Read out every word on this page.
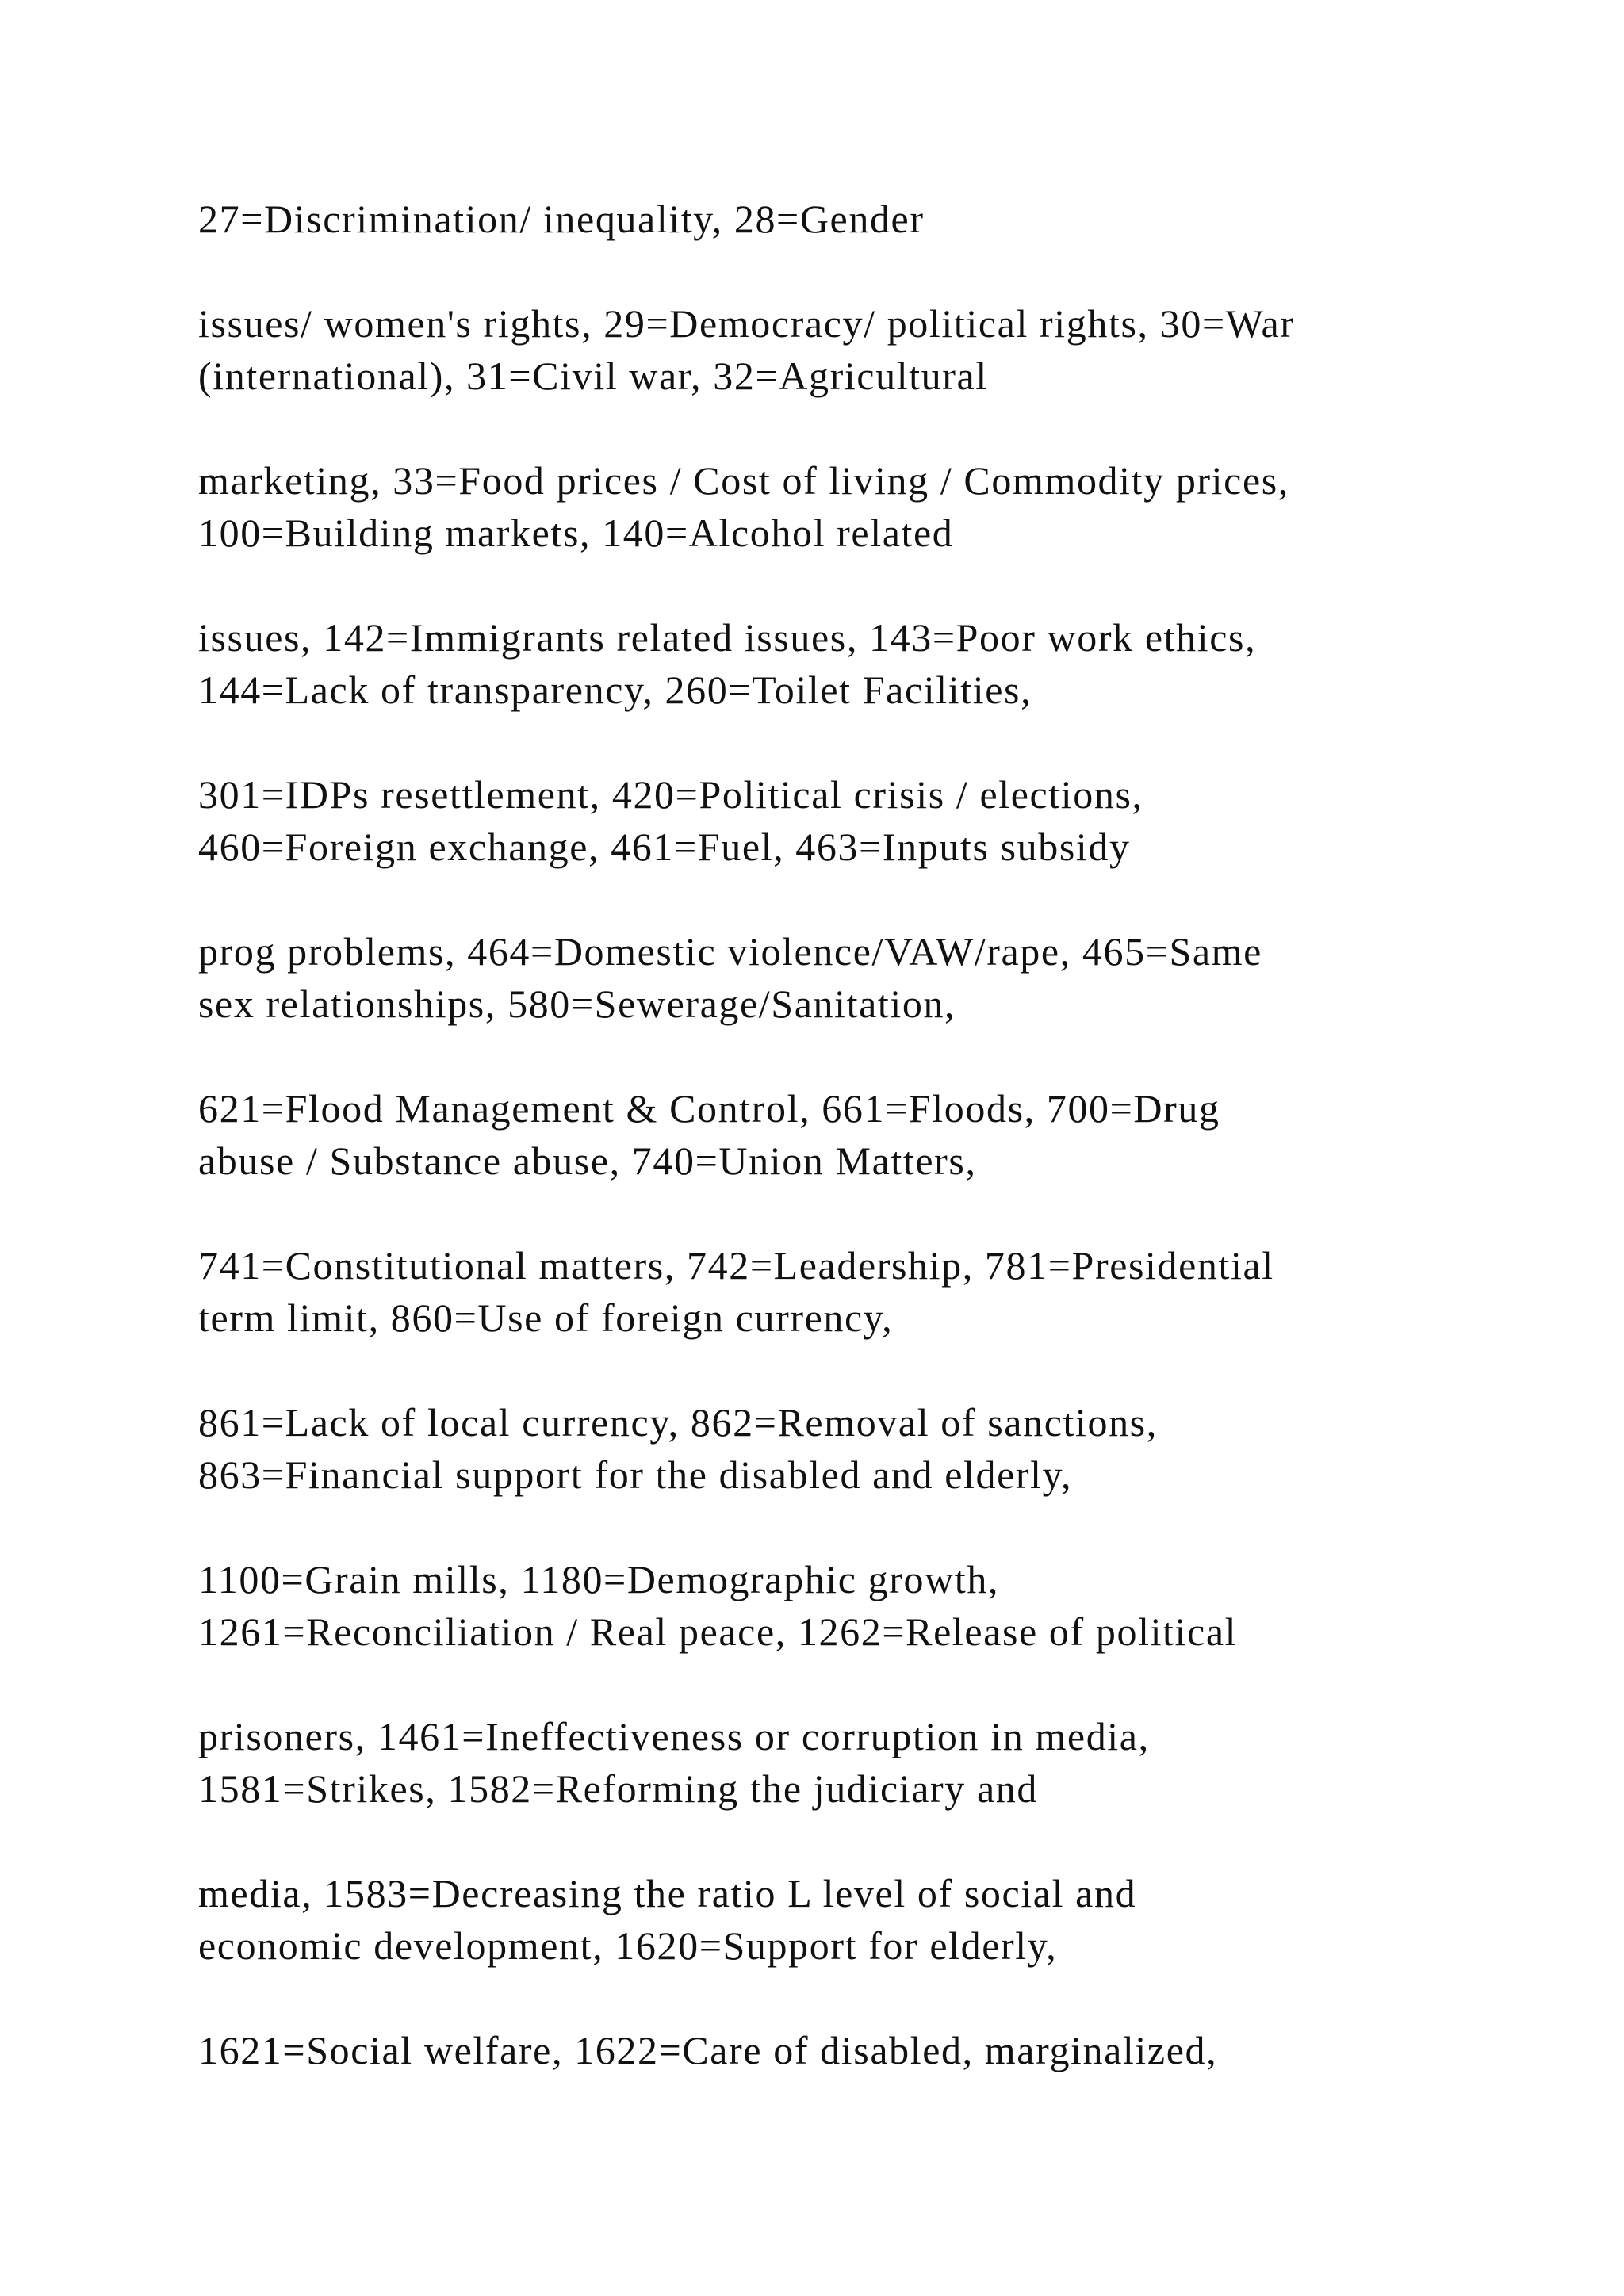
27=Discrimination/ inequality, 28=Gender

issues/ women's rights, 29=Democracy/ political rights, 30=War
(international), 31=Civil war, 32=Agricultural

marketing, 33=Food prices / Cost of living / Commodity prices,
100=Building markets, 140=Alcohol related

issues, 142=Immigrants related issues, 143=Poor work ethics,
144=Lack of transparency, 260=Toilet Facilities,

301=IDPs resettlement, 420=Political crisis / elections,
460=Foreign exchange, 461=Fuel, 463=Inputs subsidy

prog problems, 464=Domestic violence/VAW/rape, 465=Same
sex relationships, 580=Sewerage/Sanitation,

621=Flood Management & Control, 661=Floods, 700=Drug
abuse / Substance abuse, 740=Union Matters,

741=Constitutional matters, 742=Leadership, 781=Presidential
term limit, 860=Use of foreign currency,

861=Lack of local currency, 862=Removal of sanctions,
863=Financial support for the disabled and elderly,

1100=Grain mills, 1180=Demographic growth,
1261=Reconciliation / Real peace, 1262=Release of political

prisoners, 1461=Ineffectiveness or corruption in media,
1581=Strikes, 1582=Reforming the judiciary and

media, 1583=Decreasing the ratio L level of social and
economic development, 1620=Support for elderly,

1621=Social welfare, 1622=Care of disabled, marginalized,
